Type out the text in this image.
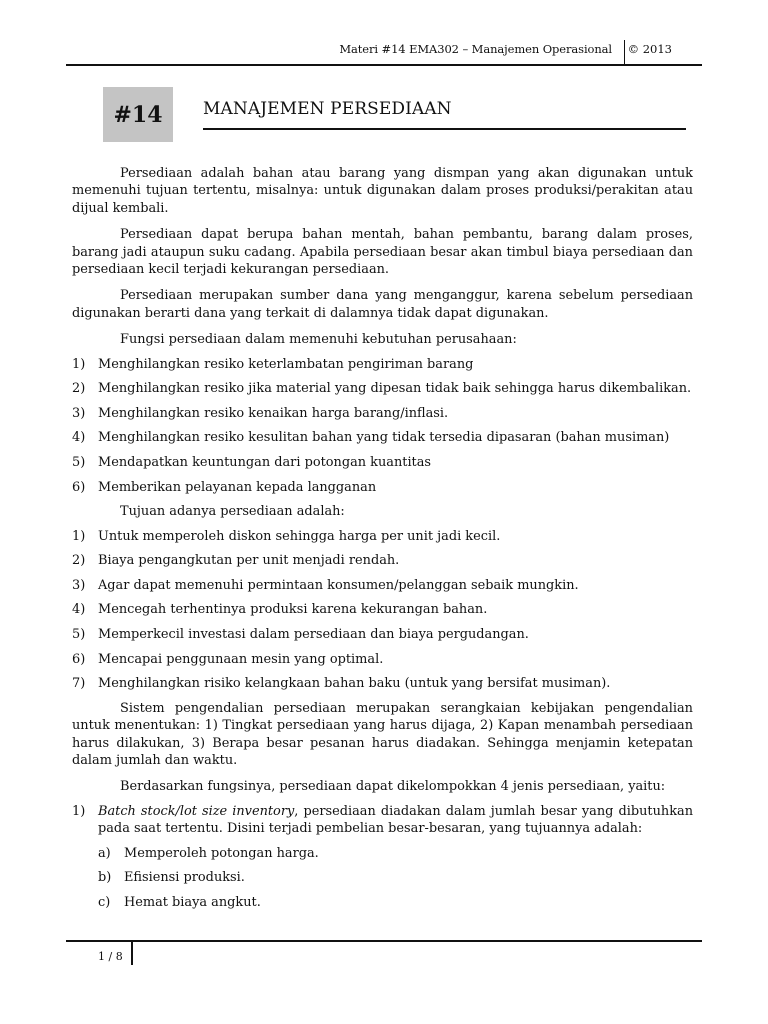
Materi #14 EMA302 – Manajemen Operasional © 2013
#14 MANAJEMEN PERSEDIAAN

Persediaan adalah bahan atau barang yang dismpan yang akan digunakan untuk memenuhi tujuan tertentu, misalnya: untuk digunakan dalam proses produksi/perakitan atau dijual kembali.

Persediaan dapat berupa bahan mentah, bahan pembantu, barang dalam proses, barang jadi ataupun suku cadang. Apabila persediaan besar akan timbul biaya persediaan dan persediaan kecil terjadi kekurangan persediaan.

Persediaan merupakan sumber dana yang menganggur, karena sebelum persediaan digunakan berarti dana yang terkait di dalamnya tidak dapat digunakan.

Fungsi persediaan dalam memenuhi kebutuhan perusahaan:

1) Menghilangkan resiko keterlambatan pengiriman barang
2) Menghilangkan resiko jika material yang dipesan tidak baik sehingga harus dikembalikan.
3) Menghilangkan resiko kenaikan harga barang/inflasi.
4) Menghilangkan resiko kesulitan bahan yang tidak tersedia dipasaran (bahan musiman)
5) Mendapatkan keuntungan dari potongan kuantitas
6) Memberikan pelayanan kepada langganan

Tujuan adanya persediaan adalah:

1) Untuk memperoleh diskon sehingga harga per unit jadi kecil.
2) Biaya pengangkutan per unit menjadi rendah.
3) Agar dapat memenuhi permintaan konsumen/pelanggan sebaik mungkin.
4) Mencegah terhentinya produksi karena kekurangan bahan.
5) Memperkecil investasi dalam persediaan dan biaya pergudangan.
6) Mencapai penggunaan mesin yang optimal.
7) Menghilangkan risiko kelangkaan bahan baku (untuk yang bersifat musiman).

Sistem pengendalian persediaan merupakan serangkaian kebijakan pengendalian untuk menentukan: 1) Tingkat persediaan yang harus dijaga, 2) Kapan menambah persediaan harus dilakukan, 3) Berapa besar pesanan harus diadakan. Sehingga menjamin ketepatan dalam jumlah dan waktu.

Berdasarkan fungsinya, persediaan dapat dikelompokkan 4 jenis persediaan, yaitu:

1) Batch stock/lot size inventory, persediaan diadakan dalam jumlah besar yang dibutuhkan pada saat tertentu. Disini terjadi pembelian besar-besaran, yang tujuannya adalah:
a) Memperoleh potongan harga.
b) Efisiensi produksi.
c) Hemat biaya angkut.
1 / 8
